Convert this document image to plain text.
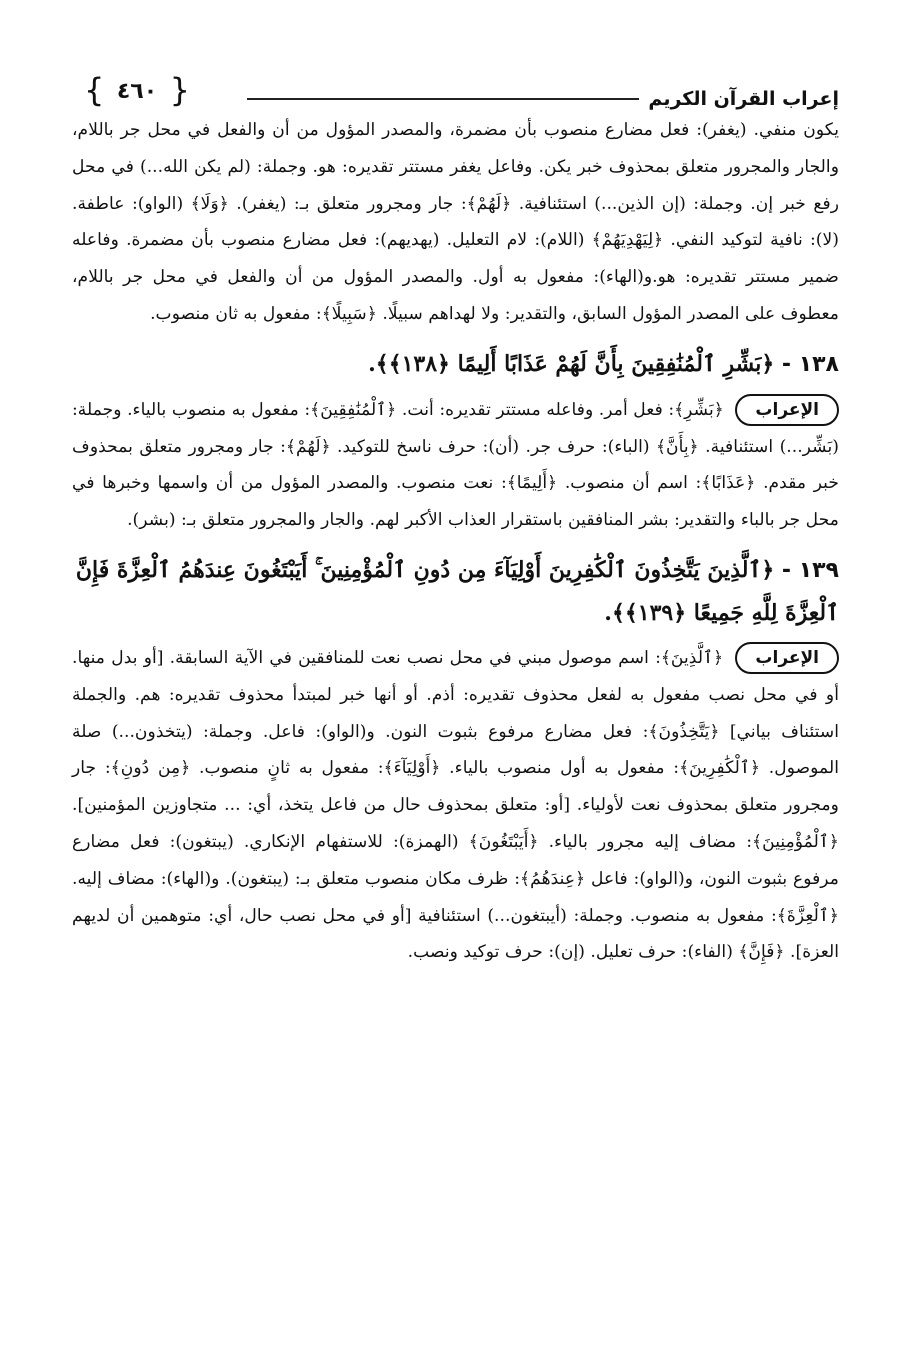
إعراب القرآن الكريم
{
٤٦٠
}

يكون منفي. (يغفر): فعل مضارع منصوب بأن مضمرة، والمصدر المؤول من أن والفعل في محل جر باللام، والجار والمجرور متعلق بمحذوف خبر يكن. وفاعل يغفر مستتر تقديره: هو. وجملة: (لم يكن الله...) في محل رفع خبر إن. وجملة: (إن الذين...) استئنافية. ﴿لَهُمْ﴾: جار ومجرور متعلق بـ: (يغفر). ﴿وَلَا﴾ (الواو): عاطفة. (لا): نافية لتوكيد النفي. ﴿لِيَهْدِيَهُمْ﴾ (اللام): لام التعليل. (يهديهم): فعل مضارع منصوب بأن مضمرة. وفاعله ضمير مستتر تقديره: هو.و(الهاء): مفعول به أول. والمصدر المؤول من أن والفعل في محل جر باللام، معطوف على المصدر المؤول السابق، والتقدير: ولا لهداهم سبيلًا. ﴿سَبِيلًا﴾: مفعول به ثان منصوب.

١٣٨ - ﴿بَشِّرِ ٱلْمُنَٰفِقِينَ بِأَنَّ لَهُمْ عَذَابًا أَلِيمًا ﴿١٣٨﴾﴾.

الإعراب ﴿بَشِّرِ﴾: فعل أمر. وفاعله مستتر تقديره: أنت. ﴿ٱلْمُنَٰفِقِينَ﴾: مفعول به منصوب بالياء. وجملة: (بَشِّر...) استئنافية. ﴿بِأَنَّ﴾ (الباء): حرف جر. (أن): حرف ناسخ للتوكيد. ﴿لَهُمْ﴾: جار ومجرور متعلق بمحذوف خبر مقدم. ﴿عَذَابًا﴾: اسم أن منصوب. ﴿أَلِيمًا﴾: نعت منصوب. والمصدر المؤول من أن واسمها وخبرها في محل جر بالباء والتقدير: بشر المنافقين باستقرار العذاب الأكبر لهم. والجار والمجرور متعلق بـ: (بشر).

١٣٩ - ﴿ٱلَّذِينَ يَتَّخِذُونَ ٱلْكَٰفِرِينَ أَوْلِيَآءَ مِن دُونِ ٱلْمُؤْمِنِينَ ۚ أَيَبْتَغُونَ عِندَهُمُ ٱلْعِزَّةَ فَإِنَّ ٱلْعِزَّةَ لِلَّهِ جَمِيعًا ﴿١٣٩﴾﴾.

الإعراب ﴿ٱلَّذِينَ﴾: اسم موصول مبني في محل نصب نعت للمنافقين في الآية السابقة. [أو بدل منها. أو في محل نصب مفعول به لفعل محذوف تقديره: أذم. أو أنها خبر لمبتدأ محذوف تقديره: هم. والجملة استئناف بياني] ﴿يَتَّخِذُونَ﴾: فعل مضارع مرفوع بثبوت النون. و(الواو): فاعل. وجملة: (يتخذون...) صلة الموصول. ﴿ٱلْكَٰفِرِينَ﴾: مفعول به أول منصوب بالياء. ﴿أَوْلِيَآءَ﴾: مفعول به ثانٍ منصوب. ﴿مِن دُونِ﴾: جار ومجرور متعلق بمحذوف نعت لأولياء. [أو: متعلق بمحذوف حال من فاعل يتخذ، أي: ... متجاوزين المؤمنين]. ﴿ٱلْمُؤْمِنِينَ﴾: مضاف إليه مجرور بالياء. ﴿أَيَبْتَغُونَ﴾ (الهمزة): للاستفهام الإنكاري. (يبتغون): فعل مضارع مرفوع بثبوت النون، و(الواو): فاعل ﴿عِندَهُمُ﴾: ظرف مكان منصوب متعلق بـ: (يبتغون). و(الهاء): مضاف إليه. ﴿ٱلْعِزَّةَ﴾: مفعول به منصوب. وجملة: (أيبتغون...) استئنافية [أو في محل نصب حال، أي: متوهمين أن لديهم العزة]. ﴿فَإِنَّ﴾ (الفاء): حرف تعليل. (إن): حرف توكيد ونصب.
